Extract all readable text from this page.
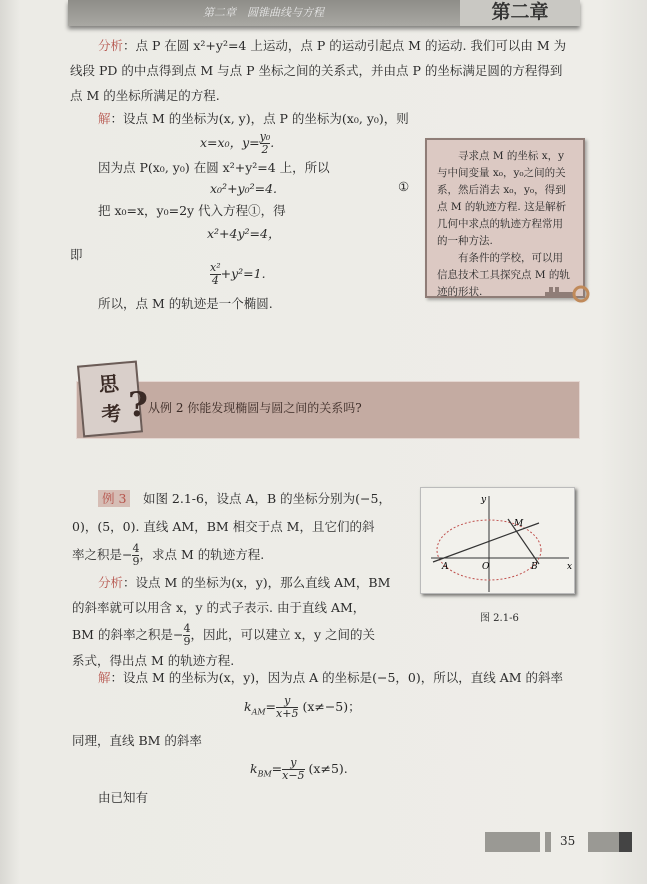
第二章　圆锥曲线与方程	第二章
分析：点 P 在圆 x²+y²=4 上运动，点 P 的运动引起点 M 的运动. 我们可以由 M 为
线段 PD 的中点得到点 M 与点 P 坐标之间的关系式，并由点 P 的坐标满足圆的方程得到
点 M 的坐标所满足的方程.
解：设点 M 的坐标为(x, y)，点 P 的坐标为(x₀, y₀)，则
x=x₀，$y= \frac{\text{y₀}}{2}$ .
因为点 P(x₀, y₀) 在圆 x²+y²=4 上，所以
x₀²+y₀²=4.	①
把 x₀=x，y₀=2y 代入方程①，得
x²+4y²=4，
即
$\frac{\text{x²}}{4} +y^2=1$.
所以，点 M 的轨迹是一个椭圆.

寻求点 M 的坐标 x，y 与中间变量 x₀，y₀之间的关系，然后消去 x₀，y₀，得到点 M 的轨迹方程. 这是解析几何中求点的轨迹方程常用的一种方法.

有条件的学校，可以用信息技术工具探究点 M 的轨迹的形状.

思
考 ? 从例 2 你能发现椭圆与圆之间的关系吗?
例 3　 如图 2.1-6，设点 A，B 的坐标分别为(−5，
0)，(5，0). 直线 AM，BM 相交于点 M，且它们的斜
率之积是− $\frac{4}{9}$ ，求点 M 的轨迹方程.
分析：设点 M 的坐标为(x，y)，那么直线 AM，BM
的斜率就可以用含 x，y 的式子表示. 由于直线 AM，
BM 的斜率之积是− $\frac{4}{9}$ ，因此，可以建立 x，y 之间的关
系式，得出点 M 的轨迹方程.
y
x
M
A	O	B
图 2.1-6
解：设点 M 的坐标为(x，y)，因为点 A 的坐标是(−5，0)，所以，直线 AM 的斜率
$k_{AM}= \frac{y}{x+5} (x\ne-5)$；
同理，直线 BM 的斜率
$k_{BM}= \frac{y}{x-5} (x\ne 5)$.
由已知有
35
